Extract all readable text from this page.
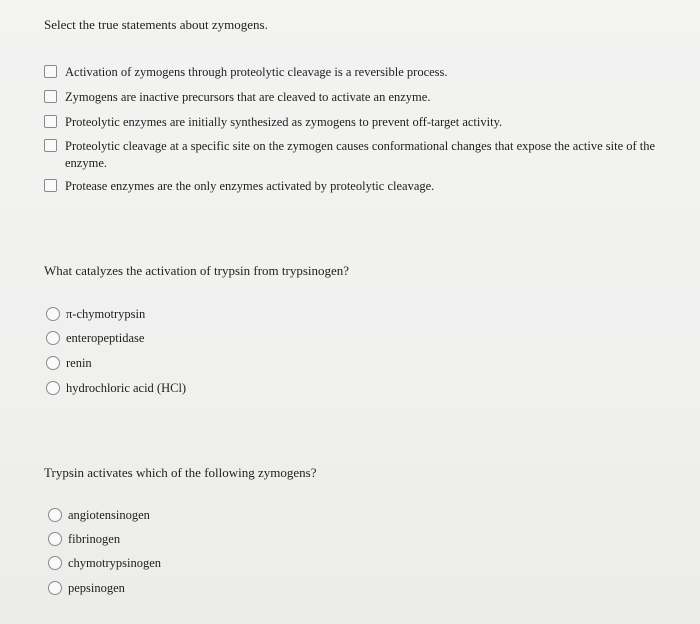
Select the true statements about zymogens.
Activation of zymogens through proteolytic cleavage is a reversible process.
Zymogens are inactive precursors that are cleaved to activate an enzyme.
Proteolytic enzymes are initially synthesized as zymogens to prevent off-target activity.
Proteolytic cleavage at a specific site on the zymogen causes conformational changes that expose the active site of the enzyme.
Protease enzymes are the only enzymes activated by proteolytic cleavage.
What catalyzes the activation of trypsin from trypsinogen?
π-chymotrypsin
enteropeptidase
renin
hydrochloric acid (HCl)
Trypsin activates which of the following zymogens?
angiotensinogen
fibrinogen
chymotrypsinogen
pepsinogen
